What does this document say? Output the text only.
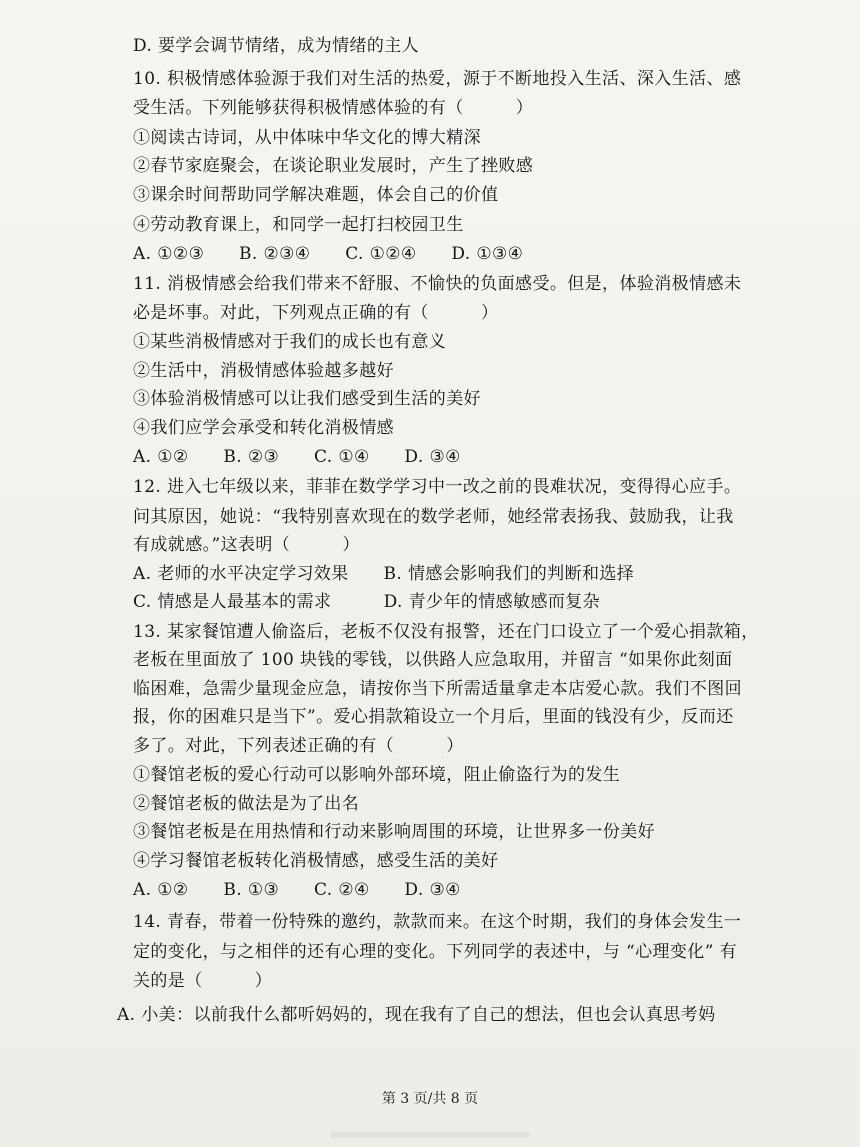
D. 要学会调节情绪，成为情绪的主人
10. 积极情感体验源于我们对生活的热爱，源于不断地投入生活、深入生活、感
受生活。下列能够获得积极情感体验的有（　　　）
①阅读古诗词，从中体味中华文化的博大精深
②春节家庭聚会，在谈论职业发展时，产生了挫败感
③课余时间帮助同学解决难题，体会自己的价值
④劳动教育课上，和同学一起打扫校园卫生
A. ①②③　　B. ②③④　　C. ①②④　　D. ①③④
11. 消极情感会给我们带来不舒服、不愉快的负面感受。但是，体验消极情感未
必是坏事。对此，下列观点正确的有（　　　）
①某些消极情感对于我们的成长也有意义
②生活中，消极情感体验越多越好
③体验消极情感可以让我们感受到生活的美好
④我们应学会承受和转化消极情感
A. ①②　　B. ②③　　C. ①④　　D. ③④
12. 进入七年级以来，菲菲在数学学习中一改之前的畏难状况，变得得心应手。
问其原因，她说：“我特别喜欢现在的数学老师，她经常表扬我、鼓励我，让我
有成就感。”这表明（　　　）
A. 老师的水平决定学习效果　　B. 情感会影响我们的判断和选择
C. 情感是人最基本的需求　　　D. 青少年的情感敏感而复杂
13. 某家餐馆遭人偷盗后，老板不仅没有报警，还在门口设立了一个爱心捐款箱，
老板在里面放了 100 块钱的零钱，以供路人应急取用，并留言 “如果你此刻面
临困难，急需少量现金应急，请按你当下所需适量拿走本店爱心款。我们不图回
报，你的困难只是当下”。爱心捐款箱设立一个月后，里面的钱没有少，反而还
多了。对此，下列表述正确的有（　　　）
①餐馆老板的爱心行动可以影响外部环境，阻止偷盗行为的发生
②餐馆老板的做法是为了出名
③餐馆老板是在用热情和行动来影响周围的环境，让世界多一份美好
④学习餐馆老板转化消极情感，感受生活的美好
A. ①②　　B. ①③　　C. ②④　　D. ③④
14. 青春，带着一份特殊的邀约，款款而来。在这个时期，我们的身体会发生一
定的变化，与之相伴的还有心理的变化。下列同学的表述中，与 “心理变化” 有
关的是（　　　）
A. 小美：以前我什么都听妈妈的，现在我有了自己的想法，但也会认真思考妈
第 3 页/共 8 页
